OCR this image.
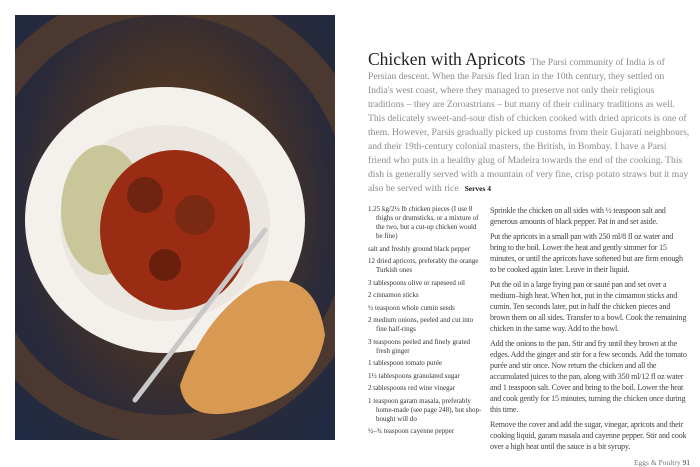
Chicken with Apricots The Parsi community of India is of Persian descent. When the Parsis fled Iran in the 10th century, they settled on India's west coast, where they managed to preserve not only their religious traditions – they are Zoroastrians – but many of their culinary traditions as well. This delicately sweet-and-sour dish of chicken cooked with dried apricots is one of them. However, Parsis gradually picked up customs from their Gujarati neighbours, and their 19th-century colonial masters, the British, in Bombay. I have a Parsi friend who puts in a healthy glug of Madeira towards the end of the cooking. This dish is generally served with a mountain of very fine, crisp potato straws but it may also be served with rice Serves 4
1.25 kg/2½ lb chicken pieces (I use 8 thighs or drumsticks, or a mixture of the two, but a cut-up chicken would be fine)
salt and freshly ground black pepper
12 dried apricots, preferably the orange Turkish ones
3 tablespoons olive or rapeseed oil
2 cinnamon sticks
½ teaspoon whole cumin seeds
2 medium onions, peeled and cut into fine half-rings
3 teaspoons peeled and finely grated fresh ginger
1 tablespoon tomato purée
1½ tablespoons granulated sugar
2 tablespoons red wine vinegar
1 teaspoon garam masala, preferably home-made (see page 248), but shop-bought will do
½–¾ teaspoon cayenne pepper

Sprinkle the chicken on all sides with ½ teaspoon salt and generous amounts of black pepper. Pat in and set aside.

Put the apricots in a small pan with 250 ml/8 fl oz water and bring to the boil. Lower the heat and gently simmer for 15 minutes, or until the apricots have softened but are firm enough to be cooked again later. Leave in their liquid.

Put the oil in a large frying pan or sauté pan and set over a medium–high heat. When hot, put in the cinnamon sticks and cumin. Ten seconds later, put in half the chicken pieces and brown them on all sides. Transfer to a bowl. Cook the remaining chicken in the same way. Add to the bowl.

Add the onions to the pan. Stir and fry until they brown at the edges. Add the ginger and stir for a few seconds. Add the tomato purée and stir once. Now return the chicken and all the accumulated juices to the pan, along with 350 ml/12 fl oz water and 1 teaspoon salt. Cover and bring to the boil. Lower the heat and cook gently for 15 minutes, turning the chicken once during this time.

Remove the cover and add the sugar, vinegar, apricots and their cooking liquid, garam masala and cayenne pepper. Stir and cook over a high heat until the sauce is a bit syrupy.

Eggs & Poultry 91
